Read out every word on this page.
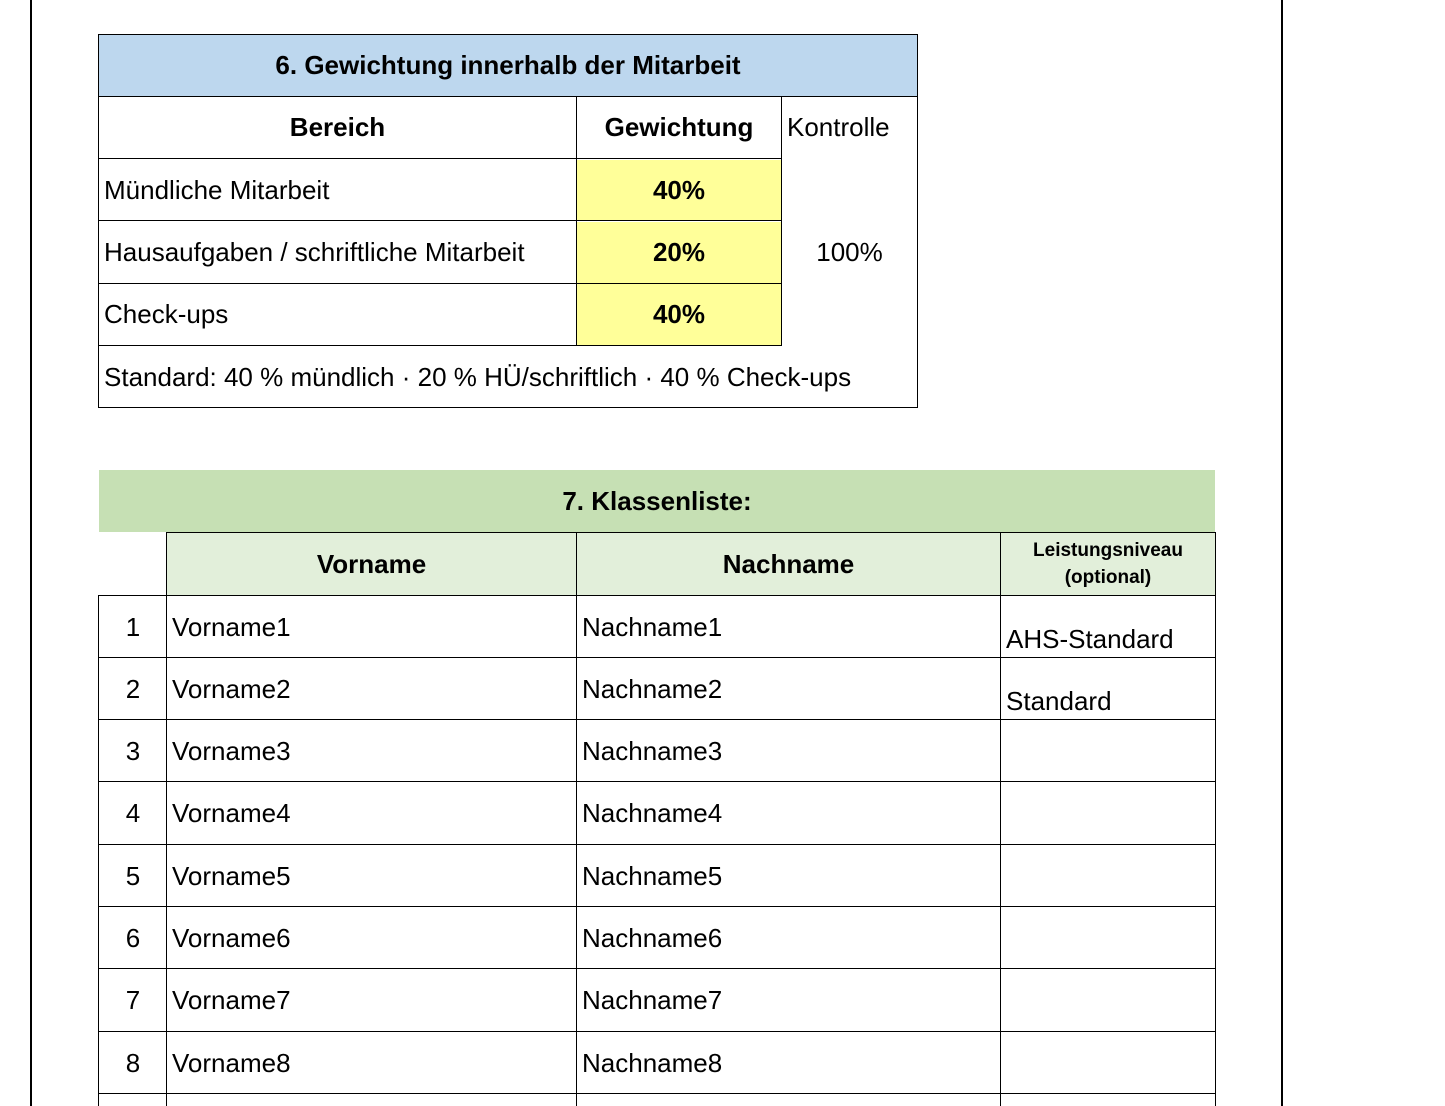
6. Gewichtung innerhalb der Mitarbeit
Bereich	Gewichtung	Kontrolle
Mündliche Mitarbeit	40%
Hausaufgaben / schriftliche Mitarbeit	20%
Check-ups	40%
100%
Standard: 40 % mündlich · 20 % HÜ/schriftlich · 40 % Check-ups
7. Klassenliste:
Vorname	Nachname	Leistungsniveau
(optional)
1	Vorname1	Nachname1	AHS-Standard
2	Vorname2	Nachname2	Standard
3	Vorname3	Nachname3
4	Vorname4	Nachname4
5	Vorname5	Nachname5
6	Vorname6	Nachname6
7	Vorname7	Nachname7
8	Vorname8	Nachname8
